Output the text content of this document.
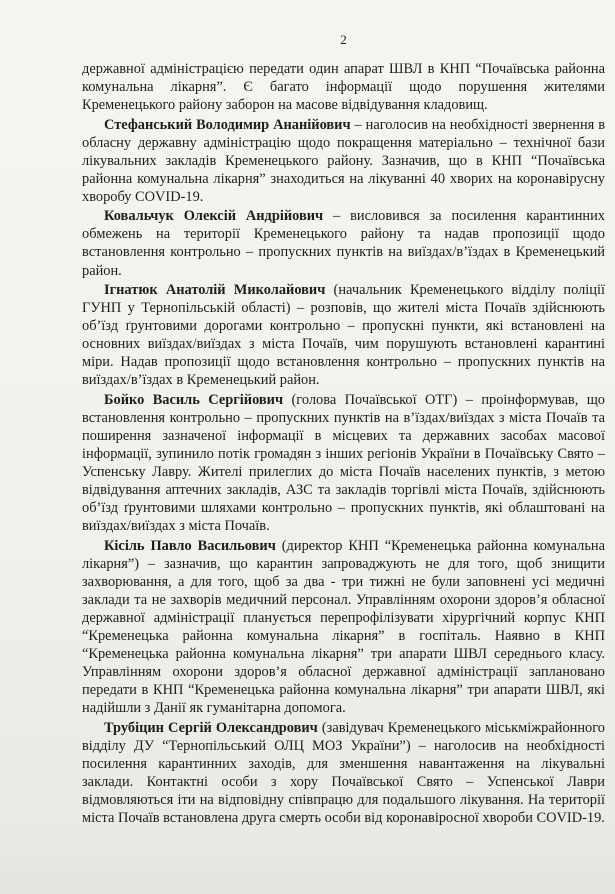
2

державної адміністрацією передати один апарат ШВЛ в КНП “Почаївська районна комунальна лікарня”. Є багато інформації щодо порушення жителями Кременецького району заборон на масове відвідування кладовищ.

Стефанський Володимир Ананійович – наголосив на необхідності звернення в обласну державну адміністрацію щодо покращення матеріально – технічної бази лікувальних закладів Кременецького району. Зазначив, що в КНП “Почаївська районна комунальна лікарня” знаходиться на лікуванні 40 хворих на коронавірусну хворобу COVID-19.

Ковальчук Олексій Андрійович – висловився за посилення карантинних обмежень на території Кременецького району та надав пропозиції щодо встановлення контрольно – пропускних пунктів на виїздах/в’їздах в Кременецький район.

Ігнатюк Анатолій Миколайович (начальник Кременецького відділу поліції ГУНП у Тернопільській області) – розповів, що жителі міста Почаїв здійснюють об’їзд ґрунтовими дорогами контрольно – пропускні пункти, які встановлені на основних виїздах/виїздах з міста Почаїв, чим порушують встановлені карантині міри. Надав пропозиції щодо встановлення контрольно – пропускних пунктів на виїздах/в’їздах в Кременецький район.

Бойко Василь Сергійович (голова Почаївської ОТГ) – проінформував, що встановлення контрольно – пропускних пунктів на в’їздах/виїздах з міста Почаїв та поширення зазначеної інформації в місцевих та державних засобах масової інформації, зупинило потік громадян з інших регіонів України в Почаївську Свято – Успенську Лавру. Жителі прилеглих до міста Почаїв населених пунктів, з метою відвідування аптечних закладів, АЗС та закладів торгівлі міста Почаїв, здійснюють об’їзд ґрунтовими шляхами контрольно – пропускних пунктів, які облаштовані на виїздах/виїздах з міста Почаїв.

Кісіль Павло Васильович (директор КНП “Кременецька районна комунальна лікарня”) – зазначив, що карантин запроваджують не для того, щоб знищити захворювання, а для того, щоб за два - три тижні не були заповнені усі медичні заклади та не захворів медичний персонал. Управлінням охорони здоров’я обласної державної адміністрації планується перепрофілізувати хірургічний корпус КНП “Кременецька районна комунальна лікарня” в госпіталь. Наявно в КНП “Кременецька районна комунальна лікарня” три апарати ШВЛ середнього класу. Управлінням охорони здоров’я обласної державної адміністрації заплановано передати в КНП “Кременецька районна комунальна лікарня” три апарати ШВЛ, які надійшли з Данії як гуманітарна допомога.

Трубіцин Сергій Олександрович (завідувач Кременецького міськміжрайонного відділу ДУ “Тернопільський ОЛЦ МОЗ України”) – наголосив на необхідності посилення карантинних заходів, для зменшення навантаження на лікувальні заклади. Контактні особи з хору Почаївської Свято – Успенської Лаври відмовляються іти на відповідну співпрацю для подальшого лікування. На території міста Почаїв встановлена друга смерть особи від коронавіросної хвороби COVID-19.
